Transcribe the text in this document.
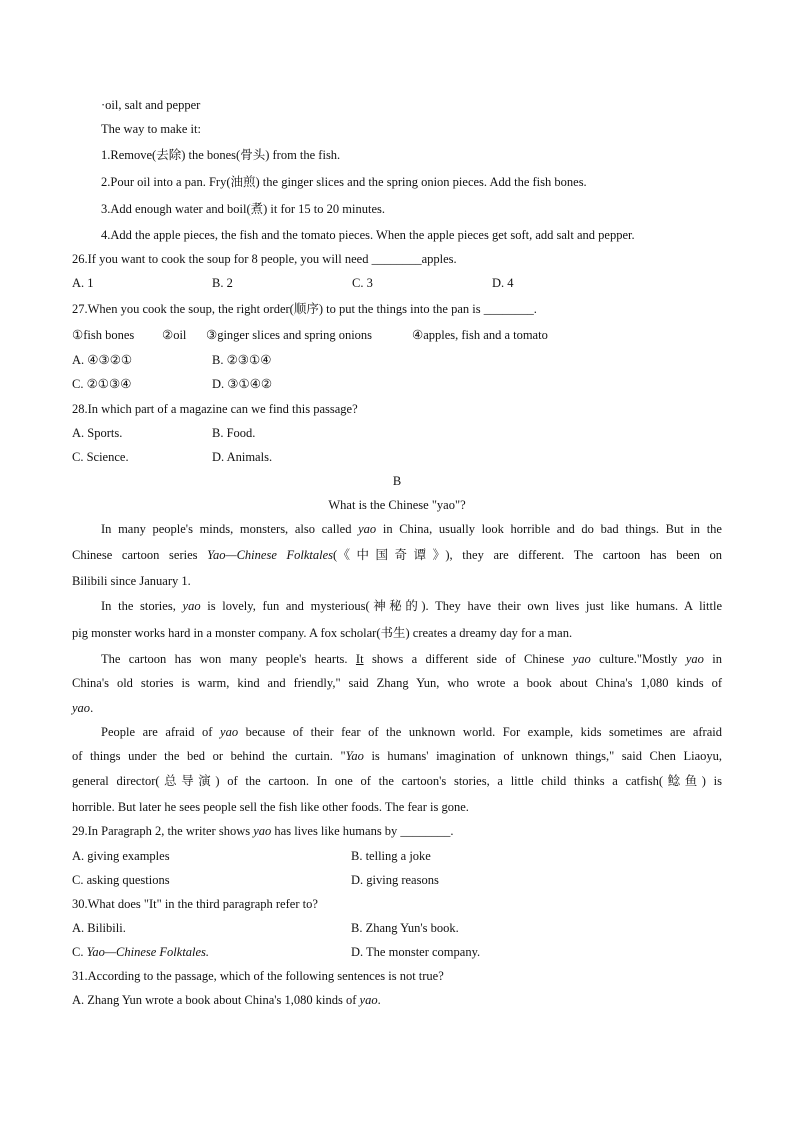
·oil, salt and pepper
The way to make it:
1.Remove(去除) the bones(骨头) from the fish.
2.Pour oil into a pan. Fry(油煎) the ginger slices and the spring onion pieces. Add the fish bones.
3.Add enough water and boil(煮) it for 15 to 20 minutes.
4.Add the apple pieces, the fish and the tomato pieces. When the apple pieces get soft, add salt and pepper.
26.If you want to cook the soup for 8 people, you will need ________apples.
A. 1	B. 2	C. 3	D. 4
27.When you cook the soup, the right order(顺序) to put the things into the pan is ________.
①fish bones ②oil ③ginger slices and spring onions	④apples, fish and a tomato
A. ④③②①	B. ②③①④
C. ②①③④	D. ③①④②
28.In which part of a magazine can we find this passage?
A. Sports.	B. Food.
C. Science.	D. Animals.
B
What is the Chinese "yao"?
In many people's minds, monsters, also called yao in China, usually look horrible and do bad things. But in the
Chinese cartoon series Yao—Chinese Folktales(《中国奇谭》), they are different. The cartoon has been on
Bilibili since January 1.
In the stories, yao is lovely, fun and mysterious(神秘的). They have their own lives just like humans. A little
pig monster works hard in a monster company. A fox scholar(书生) creates a dreamy day for a man.
The cartoon has won many people's hearts. It shows a different side of Chinese yao culture."Mostly yao in
China's old stories is warm, kind and friendly," said Zhang Yun, who wrote a book about China's 1,080 kinds of
yao.
People are afraid of yao because of their fear of the unknown world. For example, kids sometimes are afraid
of things under the bed or behind the curtain. "Yao is humans' imagination of unknown things," said Chen Liaoyu,
general director(总导演) of the cartoon. In one of the cartoon's stories, a little child thinks a catfish(鲶鱼) is
horrible. But later he sees people sell the fish like other foods. The fear is gone.
29.In Paragraph 2, the writer shows yao has lives like humans by ________.
A. giving examples	B. telling a joke
C. asking questions	D. giving reasons
30.What does "It" in the third paragraph refer to?
A. Bilibili.	B. Zhang Yun's book.
C. Yao—Chinese Folktales.	D. The monster company.
31.According to the passage, which of the following sentences is not true?
A. Zhang Yun wrote a book about China's 1,080 kinds of yao.
